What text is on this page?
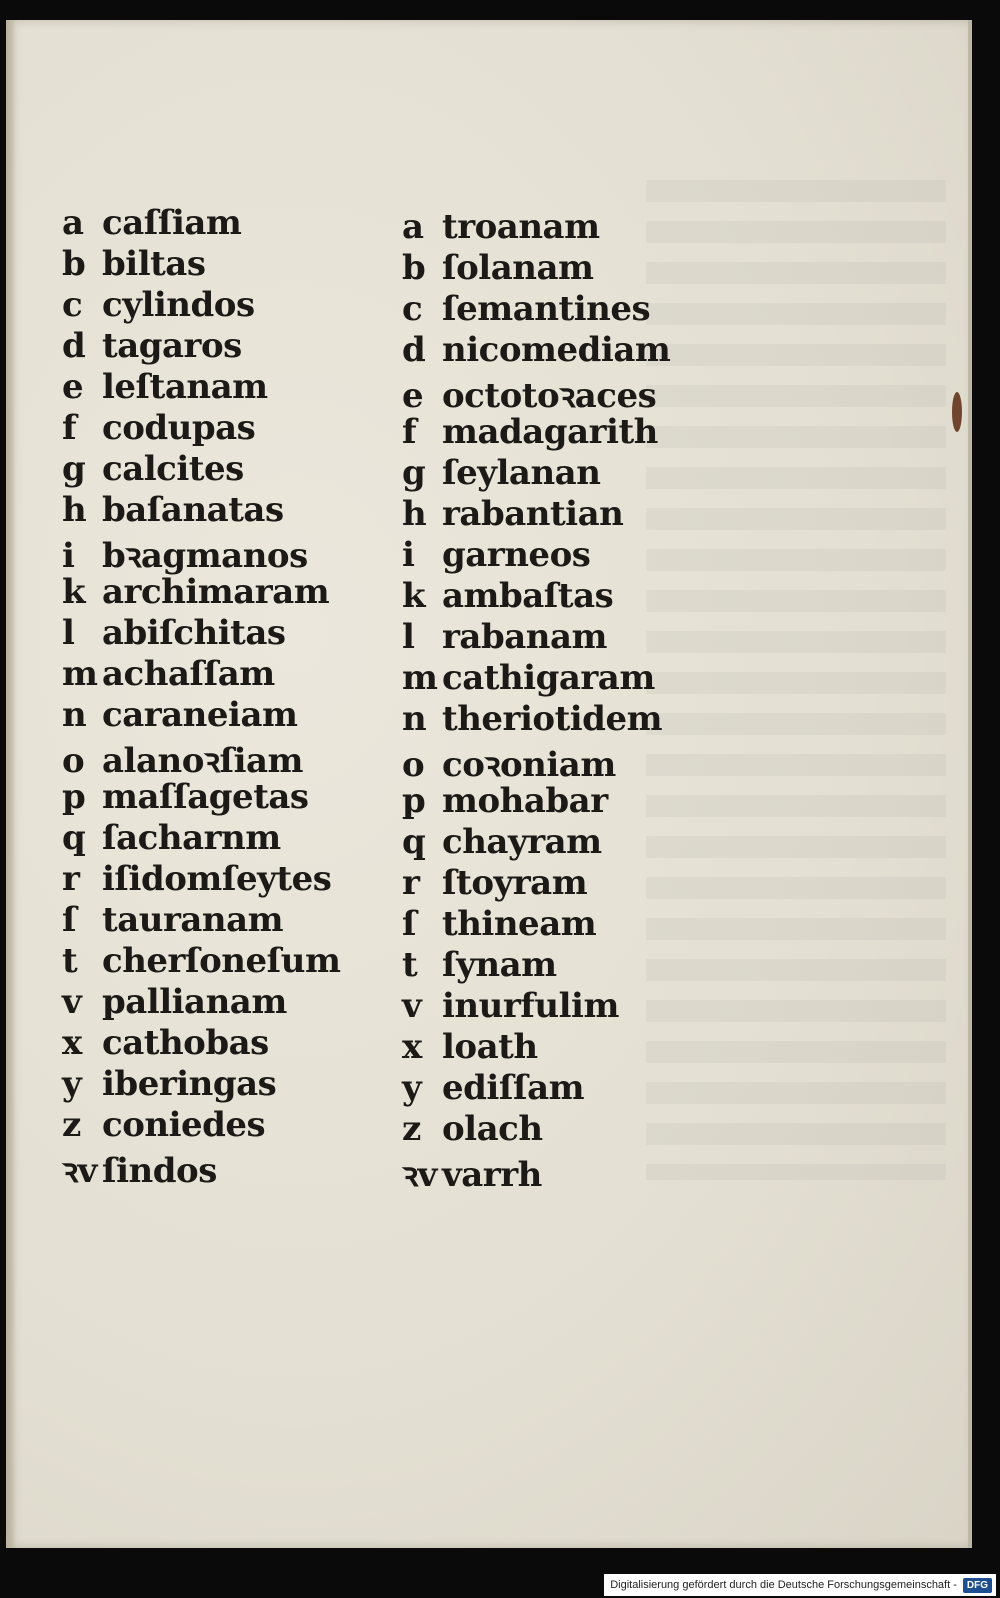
a caſſiam
b biltas
c cylindos
d tagaros
e leſtanam
f codupas
g calcites
h baſanatas
i bꝛagmanos
k archimaram
l abiſchitas
m achaſſam
n caraneiam
o alanoꝛſiam
p maſſagetas
q ſacharnm
r iſidomſeytes
ſ tauranam
t cherſoneſum
v pallianam
x cathobas
y iberingas
z coniedes
ꝛv ſindos
a troanam
b ſolanam
c ſemantines
d nicomediam
e octotoꝛaces
f madagarith
g ſeylanan
h rabantian
i garneos
k ambaſtas
l rabanam
m cathigaram
n theriotidem
o coꝛoniam
p mohabar
q chayram
r ſtoyram
ſ thineam
t ſynam
v inurfulim
x loath
y ediſſam
z olach
ꝛv varrh
Digitalisierung gefördert durch die Deutsche Forschungsgemeinschaft -	DFG
